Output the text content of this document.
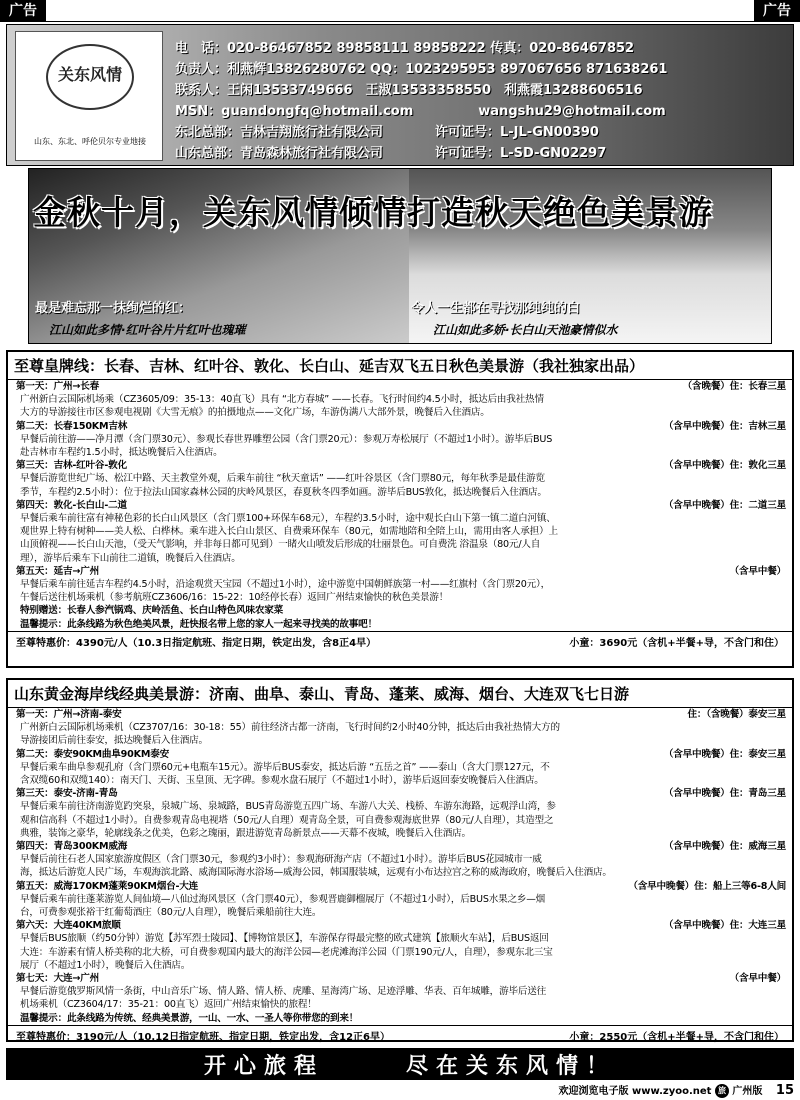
广告	广告
关东风情
山东、东北、呼伦贝尔专业地接
电　话：020-86467852 89858111 89858222 传真：020-86467852
负责人：利燕辉13826280762 QQ：1023295953 897067656 871638261
联系人：王闲13533749666　王淑13533358550　利燕霞13288606516
MSN：guandongfq@hotmail.com　　　　　wangshu29@hotmail.com
东北总部：吉林吉翔旅行社有限公司　　　　许可证号：L-JL-GN00390
山东总部：青岛森林旅行社有限公司　　　　许可证号：L-SD-GN02297
金秋十月，关东风情倾情打造秋天绝色美景游
最是难忘那一抹绚烂的红：	令人一生都在寻找那纯纯的白
江山如此多情·红叶谷片片红叶也瑰璀	江山如此多娇·长白山天池豪情似水
至尊皇牌线：长春、吉林、红叶谷、敦化、长白山、延吉双飞五日秋色美景游（我社独家出品）
第一天：广州→长春	（含晚餐）住：长春三星
广州新白云国际机场乘（CZ3605/09：35-13：40直飞）具有 “北方春城” ——长春。飞行时间约4.5小时，抵达后由我社热情
大方的导游接往市区参观电视剧《大雪无痕》的拍摄地点——文化广场，车游伪满八大部外景，晚餐后入住酒店。
第二天：长春150KM吉林	（含早中晚餐）住：吉林三星
早餐后前往游——净月潭（含门票30元）、参观长春世界雕塑公园（含门票20元）：参观万寿松展厅（不超过1小时）。游毕后BUS
赴吉林市车程约1.5小时，抵达晚餐后入住酒店。
第三天：吉林-红叶谷-敦化	（含早中晚餐）住：敦化三星
早餐后游览世纪广场、松江中路、天主教堂外观，后乘车前往 “秋天童话” ——红叶谷景区（含门票80元，每年秋季是最佳游览
季节，车程约2.5小时）：位于拉法山国家森林公园的庆岭风景区，春夏秋冬四季如画。游毕后BUS敦化，抵达晚餐后入住酒店。
第四天：敦化-长白山-二道	（含早中晚餐）住：二道三星
早餐后乘车前往富有神秘色彩的长白山风景区（含门票100+环保车68元），车程约3.5小时，途中观长白山下第一镇二道白河镇、
观世界上特有树种——美人松、白桦林。乘车进入长白山景区、自费乘环保车（80元，如需地陪和全陪上山，需用由客人承担）上
山顶俯视——长白山天池，（受天气影响，并非每日都可见到）一睹火山喷发后形成的壮丽景色。可自费洗 浴温泉（80元/人自
理），游毕后乘车下山前往二道镇，晚餐后入住酒店。
第五天：延吉→广州	（含早中餐）
早餐后乘车前往延吉车程约4.5小时，沿途观赏天宝园（不超过1小时），途中游览中国朝鲜族第一村——红旗村（含门票20元），
午餐后送往机场乘机（参考航班CZ3606/16：15-22：10经停长春）返回广州结束愉快的秋色美景游！
特别赠送：长春人参汽锅鸡、庆岭活鱼、长白山特色风味农家菜
温馨提示：此条线路为秋色绝美风景，赶快报名带上您的家人一起来寻找美的故事吧！
至尊特惠价：4390元/人（10.3日指定航班、指定日期，铁定出发，含8正4早）	小童：3690元（含机+半餐+导，不含门和住）
山东黄金海岸线经典美景游：济南、曲阜、泰山、青岛、蓬莱、威海、烟台、大连双飞七日游
第一天：广州→济南-泰安	住：（含晚餐）泰安三星
广州新白云国际机场乘机（CZ3707/16：30-18：55）前往经济古都一济南，飞行时间约2小时40分钟，抵达后由我社热情大方的
导游接团后前往泰安，抵达晚餐后入住酒店。
第二天：泰安90KM曲阜90KM泰安	（含早中晚餐）住：泰安三星
早餐后乘车曲阜参观孔府（含门票60元+电瓶车15元）。游毕后BUS泰安，抵达后游 “五岳之首” ——泰山（含大门票127元，不
含双缆60和双缆140）：南天门、天街、玉皇顶、无字碑。参观水盘石展厅（不超过1小时），游毕后返回泰安晚餐后入住酒店。
第三天：泰安-济南-青岛	（含早中晚餐）住：青岛三星
早餐后乘车前往济南游览趵突泉，泉城广场、泉城路，BUS青岛游览五四广场、车游八大关、栈桥、车游东海路，远观浮山湾，参
观和信高科（不超过1小时）。自费参观青岛电视塔（50元/人自理）观青岛全景，可自费参观海底世界（80元/人自理），其造型之
典雅，装饰之豪华，轮廓线条之优美，色彩之瑰丽，跟进游览青岛新景点——天幕不夜城，晚餐后入住酒店。
第四天：青岛300KM威海	（含早中晚餐）住：威海三星
早餐后前往石老人国家旅游度假区（含门票30元，参观约3小时）：参观海研海产店（不超过1小时）。游毕后BUS花园城市一威
海，抵达后游览人民广场，车观海滨北路、威海国际海水浴场—威海公园，韩国服装城，远观有小布达拉宫之称的威海政府，晚餐后入住酒店。
第五天：威海170KM蓬莱90KM烟台-大连	（含早中晚餐）住：船上三等6-8人间
早餐后乘车前往蓬莱游览人间仙境—八仙过海风景区（含门票40元），参观晋鹿御榴展厅（不超过1小时），后BUS水果之乡—烟
台，可费参观张裕干红葡萄酒庄（80元/人自理），晚餐后乘船前往大连。
第六天：大连40KM旅顺	（含早中晚餐）住：大连三星
早餐后BUS旅顺（约50分钟）游览【苏军烈士陵园】、【博物馆景区】，车游保存得最完整的欧式建筑【旅顺火车站】，后BUS返回
大连：车游素有情人桥美称的北大桥，可自费参观国内最大的海洋公园—老虎滩海洋公园（门票190元/人，自理），参观东北三宝
展厅（不超过1小时），晚餐后入住酒店。
第七天：大连→广州	（含早中餐）
早餐后游览俄罗斯风情一条街，中山音乐广场、情人路、情人桥、虎雕、星海湾广场、足迹浮雕、华表、百年城雕，游毕后送往
机场乘机（CZ3604/17：35-21：00直飞）返回广州结束愉快的旅程！
温馨提示：此条线路为传统、经典美景游，一山、一水、一圣人等你带您的到来！
至尊特惠价：3190元/人（10.12日指定航班、指定日期，铁定出发，含12正6早）	小童：2550元（含机+半餐+导，不含门和住）
开心旅程	尽在关东风情！
欢迎浏览电子版 www.zyoo.net 旅 广州版 15
